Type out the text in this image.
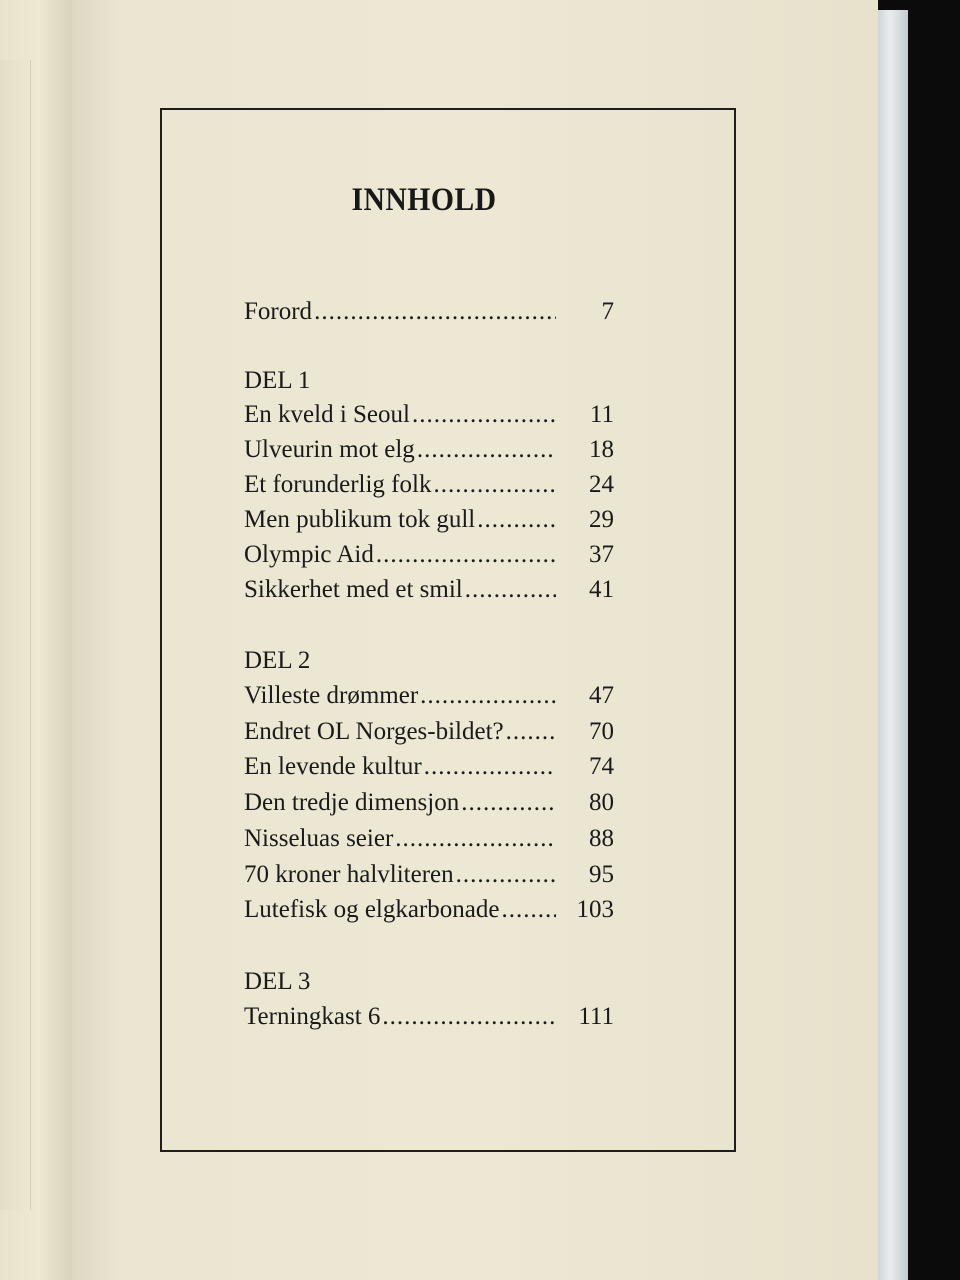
INNHOLD
Forord .....	7
DEL 1
En kveld i Seoul .....	11
Ulveurin mot elg .....	18
Et forunderlig folk .....	24
Men publikum tok gull .....	29
Olympic Aid .....	37
Sikkerhet med et smil .....	41
DEL 2
Villeste drømmer .....	47
Endret OL Norges-bildet? .....	70
En levende kultur .....	74
Den tredje dimensjon .....	80
Nisseluas seier .....	88
70 kroner halvliteren .....	95
Lutefisk og elgkarbonade .....	103
DEL 3
Terningkast 6 .....	111
